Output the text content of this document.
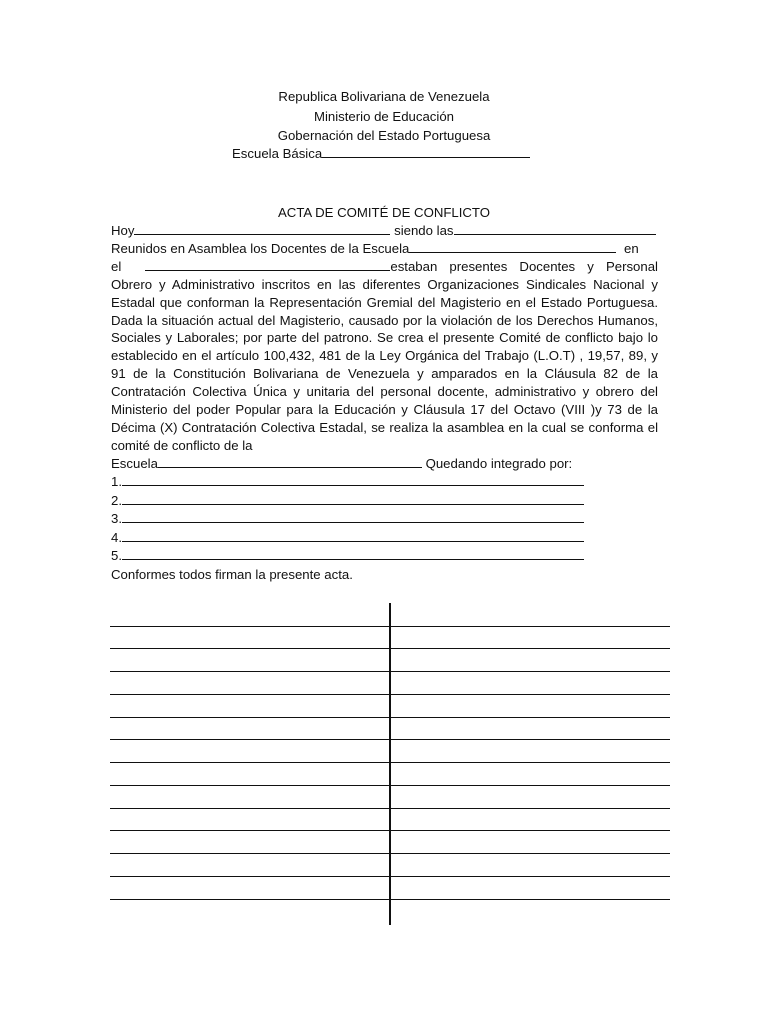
Republica Bolivariana de Venezuela
Ministerio de Educación
Gobernación del Estado Portuguesa
Escuela Básica
ACTA DE COMITÉ DE CONFLICTO
Hoy	siendo las
Reunidos en Asamblea los Docentes de la Escuela	en

el	estaban presentes Docentes y Personal Obrero y Administrativo inscritos en las diferentes Organizaciones Sindicales Nacional y Estadal que conforman la Representación Gremial del Magisterio en el Estado Portuguesa. Dada la situación actual del Magisterio, causado por la violación de los Derechos Humanos, Sociales y Laborales; por parte del patrono. Se crea el presente Comité de conflicto bajo lo establecido en el artículo 100,432, 481 de la Ley Orgánica del Trabajo (L.O.T) , 19,57, 89, y 91 de la Constitución Bolivariana de Venezuela y amparados en la Cláusula 82 de la Contratación Colectiva Única y unitaria del personal docente, administrativo y obrero del Ministerio del poder Popular para la Educación y Cláusula 17 del Octavo (VIII )y 73 de la Décima (X) Contratación Colectiva Estadal, se realiza la asamblea en la cual se conforma el comité de conflicto de la

Escuela	Quedando integrado por:
1.
2.
3.
4.
5.
Conformes todos firman la presente acta.
